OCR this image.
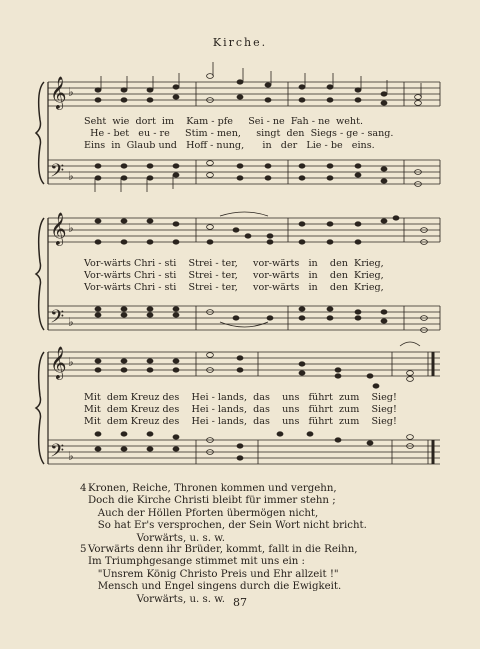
Kirche.
𝄞
𝄢
♭
♭
𝄞
𝄢
♭
♭
𝄞
𝄢
♭
♭
Seht  wie  dort  im    Kam - pfe     Sei - ne  Fah - ne  weht.
He - bet   eu - re     Stim - men,     singt  den  Siegs - ge - sang.
Eins  in  Glaub und   Hoff - nung,      in   der   Lie - be   eins.
Vor-wärts Chri - sti    Strei - ter,     vor-wärts   in    den  Krieg,
Vor-wärts Chri - sti    Strei - ter,     vor-wärts   in    den  Krieg,
Vor-wärts Chri - sti    Strei - ter,     vor-wärts   in    den  Krieg,
Mit  dem Kreuz des    Hei - lands,  das    uns   führt  zum    Sieg!
Mit  dem Kreuz des    Hei - lands,  das    uns   führt  zum    Sieg!
Mit  dem Kreuz des    Hei - lands,  das    uns   führt  zum    Sieg!
4 Kronen, Reiche, Thronen kommen und vergehn,
Doch die Kirche Christi bleibt für immer stehn ;
Auch der Höllen Pforten übermögen nicht,
So hat Er's versprochen, der Sein Wort nicht bricht.
Vorwärts, u. s. w.
5 Vorwärts denn ihr Brüder, kommt, fallt in die Reihn,
Im Triumphgesange stimmet mit uns ein :
"Unsrem König Christo Preis und Ehr allzeit !"
Mensch und Engel singens durch die Ewigkeit.
Vorwärts, u. s. w. 87
